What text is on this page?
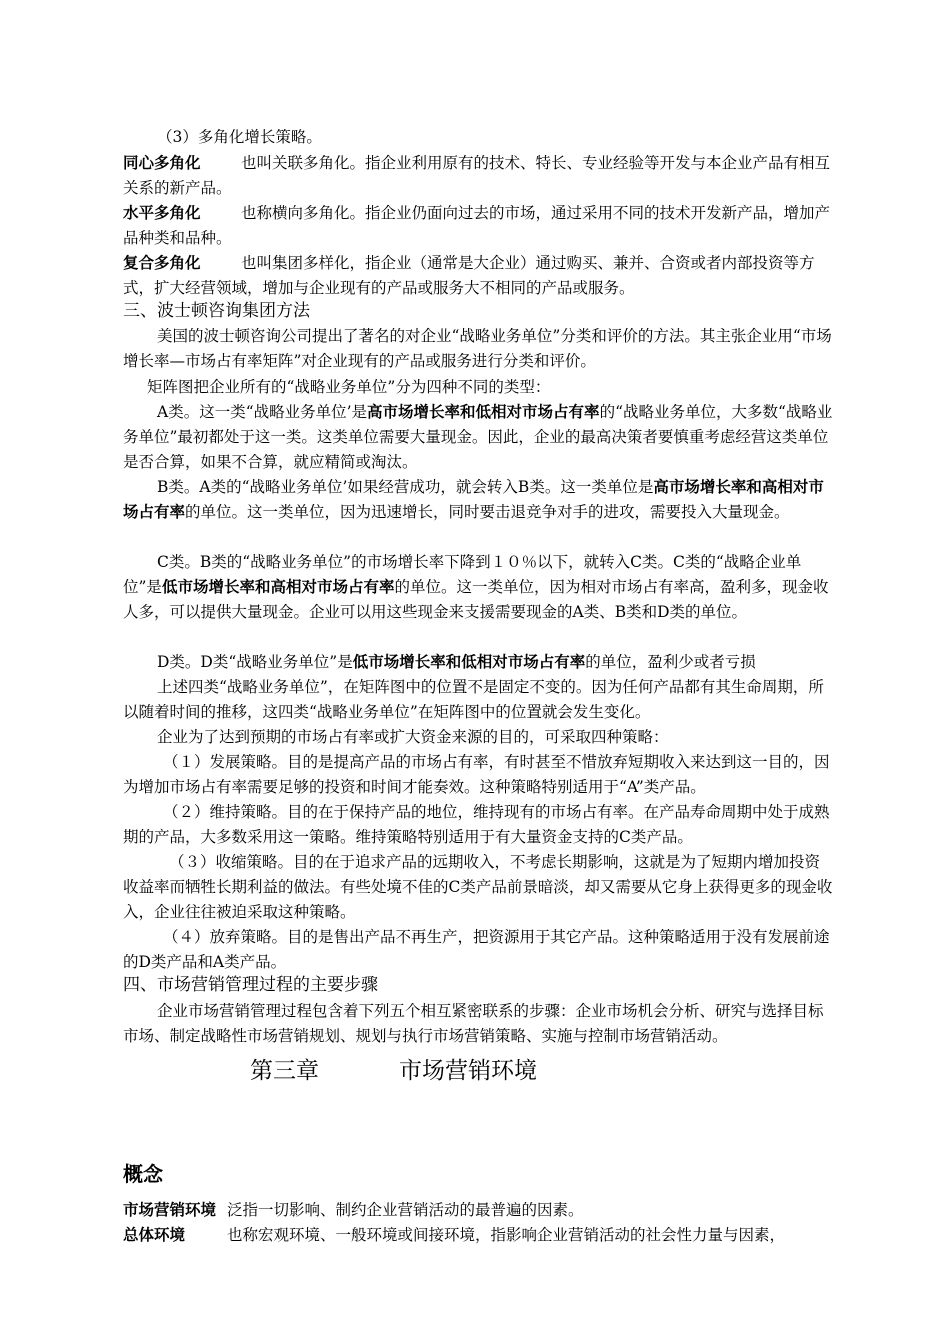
（3）多角化增长策略。

同心多角化	也叫关联多角化。指企业利用原有的技术、特长、专业经验等开发与本企业产品有相互关系的新产品。

水平多角化	也称横向多角化。指企业仍面向过去的市场，通过采用不同的技术开发新产品，增加产品种类和品种。

复合多角化	也叫集团多样化，指企业（通常是大企业）通过购买、兼并、合资或者内部投资等方式，扩大经营领域，增加与企业现有的产品或服务大不相同的产品或服务。

三、波士顿咨询集团方法

美国的波士顿咨询公司提出了著名的对企业“战略业务单位”分类和评价的方法。其主张企业用“市场增长率—市场占有率矩阵”对企业现有的产品或服务进行分类和评价。

矩阵图把企业所有的“战略业务单位”分为四种不同的类型：

A类。这一类“战略业务单位’是高市场增长率和低相对市场占有率的“战略业务单位，大多数“战略业务单位”最初都处于这一类。这类单位需要大量现金。因此，企业的最高决策者要慎重考虑经营这类单位是否合算，如果不合算，就应精简或淘汰。

B类。A类的“战略业务单位’如果经营成功，就会转入B类。这一类单位是高市场增长率和高相对市场占有率的单位。这一类单位，因为迅速增长，同时要击退竞争对手的进攻，需要投入大量现金。

C类。B类的“战略业务单位”的市场增长率下降到１０％以下，就转入C类。C类的“战略企业单位”是低市场增长率和高相对市场占有率的单位。这一类单位，因为相对市场占有率高，盈利多，现金收人多，可以提供大量现金。企业可以用这些现金来支援需要现金的A类、B类和D类的单位。

D类。D类“战略业务单位”是低市场增长率和低相对市场占有率的单位，盈利少或者亏损

上述四类“战略业务单位”，在矩阵图中的位置不是固定不变的。因为任何产品都有其生命周期，所以随着时间的推移，这四类“战略业务单位”在矩阵图中的位置就会发生变化。

企业为了达到预期的市场占有率或扩大资金来源的目的，可采取四种策略：

（１）发展策略。目的是提高产品的市场占有率，有时甚至不惜放弃短期收入来达到这一目的，因为增加市场占有率需要足够的投资和时间才能奏效。这种策略特别适用于“A”类产品。

（２）维持策略。目的在于保持产品的地位，维持现有的市场占有率。在产品寿命周期中处于成熟期的产品，大多数采用这一策略。维持策略特别适用于有大量资金支持的C类产品。

（３）收缩策略。目的在于追求产品的远期收入，不考虑长期影响，这就是为了短期内增加投资收益率而牺牲长期利益的做法。有些处境不佳的C类产品前景暗淡，却又需要从它身上获得更多的现金收入，企业往往被迫采取这种策略。

（４）放弃策略。目的是售出产品不再生产，把资源用于其它产品。这种策略适用于没有发展前途的D类产品和A类产品。

四、市场营销管理过程的主要步骤

企业市场营销管理过程包含着下列五个相互紧密联系的步骤：企业市场机会分析、研究与选择目标市场、制定战略性市场营销规划、规划与执行市场营销策略、实施与控制市场营销活动。

第三章	市场营销环境

概念

市场营销环境 泛指一切影响、制约企业营销活动的最普遍的因素。

总体环境	也称宏观环境、一般环境或间接环境，指影响企业营销活动的社会性力量与因素，
